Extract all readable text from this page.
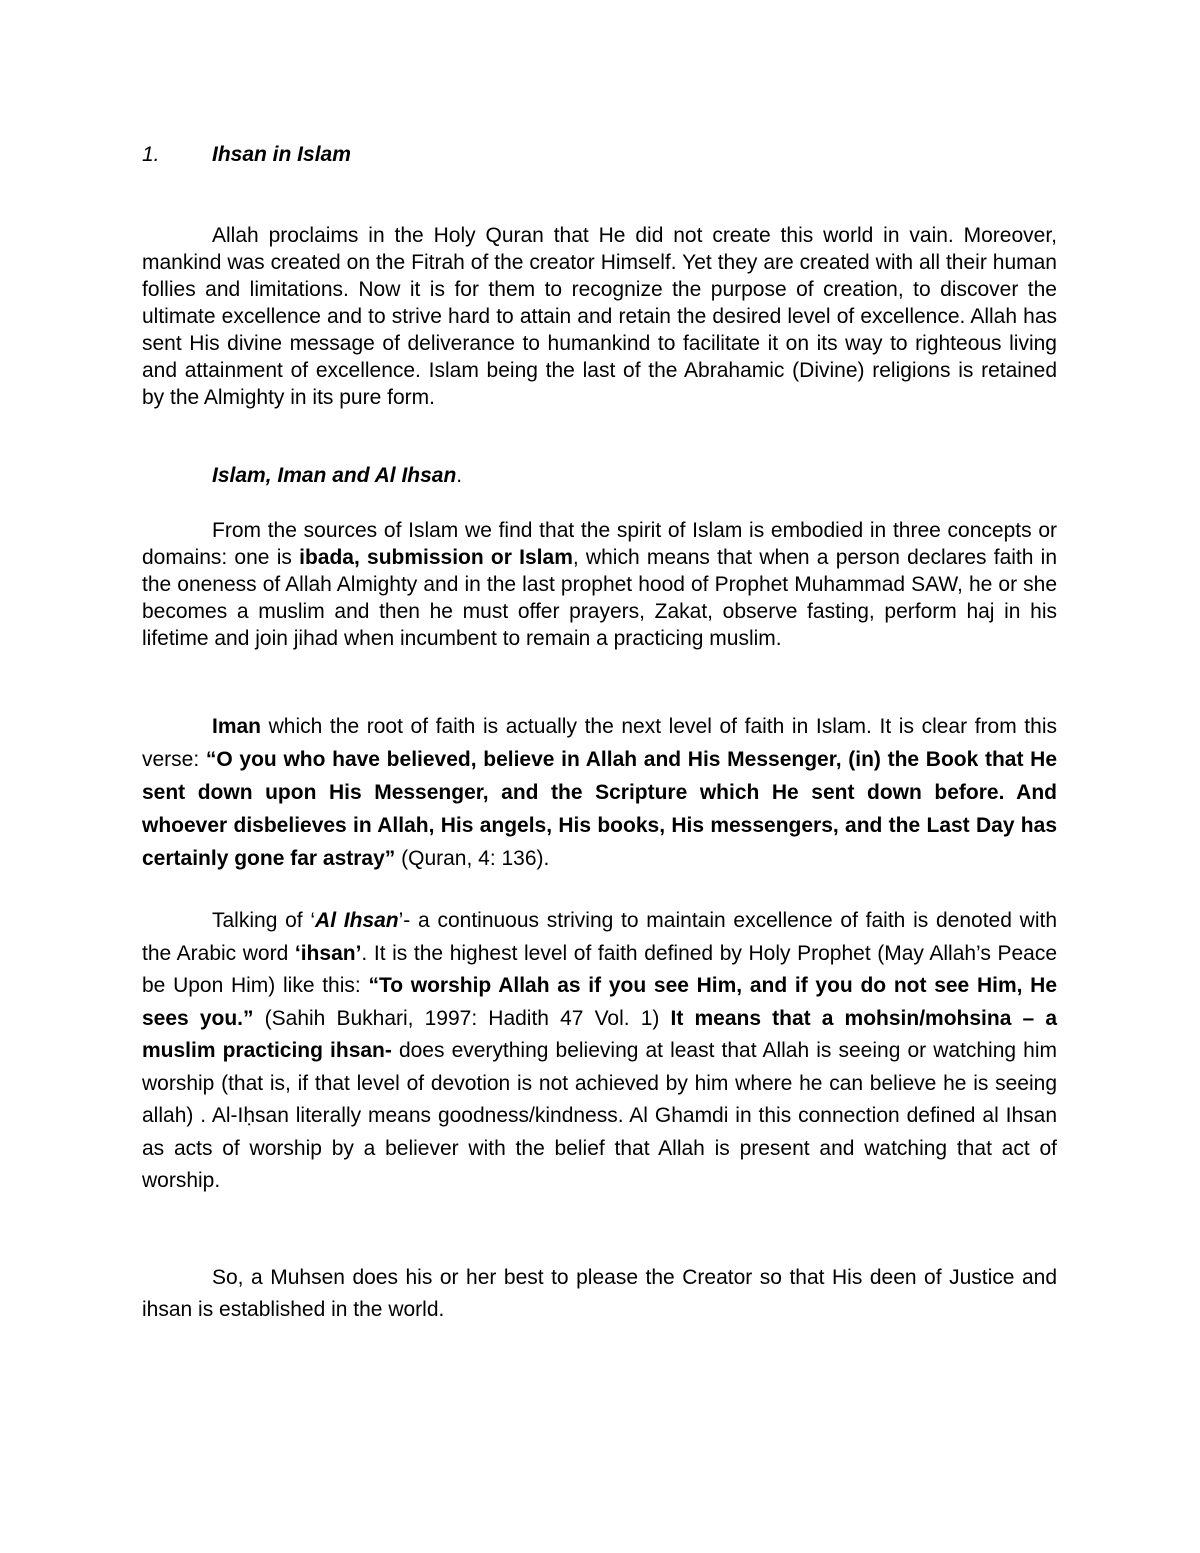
1. Ihsan in Islam

Allah proclaims in the Holy Quran that He did not create this world in vain. Moreover, mankind was created on the Fitrah of the creator Himself. Yet they are created with all their human follies and limitations. Now it is for them to recognize the purpose of creation, to discover the ultimate excellence and to strive hard to attain and retain the desired level of excellence. Allah has sent His divine message of deliverance to humankind to facilitate it on its way to righteous living and attainment of excellence. Islam being the last of the Abrahamic (Divine) religions is retained by the Almighty in its pure form.

Islam, Iman and Al Ihsan.

From the sources of Islam we find that the spirit of Islam is embodied in three concepts or domains: one is ibada, submission or Islam, which means that when a person declares faith in the oneness of Allah Almighty and in the last prophet hood of Prophet Muhammad SAW, he or she becomes a muslim and then he must offer prayers, Zakat, observe fasting, perform haj in his lifetime and join jihad when incumbent to remain a practicing muslim.

Iman which the root of faith is actually the next level of faith in Islam. It is clear from this verse: “O you who have believed, believe in Allah and His Messenger, (in) the Book that He sent down upon His Messenger, and the Scripture which He sent down before. And whoever disbelieves in Allah, His angels, His books, His messengers, and the Last Day has certainly gone far astray” (Quran, 4: 136).

Talking of ‘Al Ihsan’- a continuous striving to maintain excellence of faith is denoted with the Arabic word ‘ihsan’. It is the highest level of faith defined by Holy Prophet (May Allah’s Peace be Upon Him) like this: “To worship Allah as if you see Him, and if you do not see Him, He sees you.” (Sahih Bukhari, 1997: Hadith 47 Vol. 1) It means that a mohsin/mohsina – a muslim practicing ihsan- does everything believing at least that Allah is seeing or watching him worship (that is, if that level of devotion is not achieved by him where he can believe he is seeing allah) . Al-Iḥsan literally means goodness/kindness. Al Ghamdi in this connection defined al Ihsan as acts of worship by a believer with the belief that Allah is present and watching that act of worship.

So, a Muhsen does his or her best to please the Creator so that His deen of Justice and ihsan is established in the world.
